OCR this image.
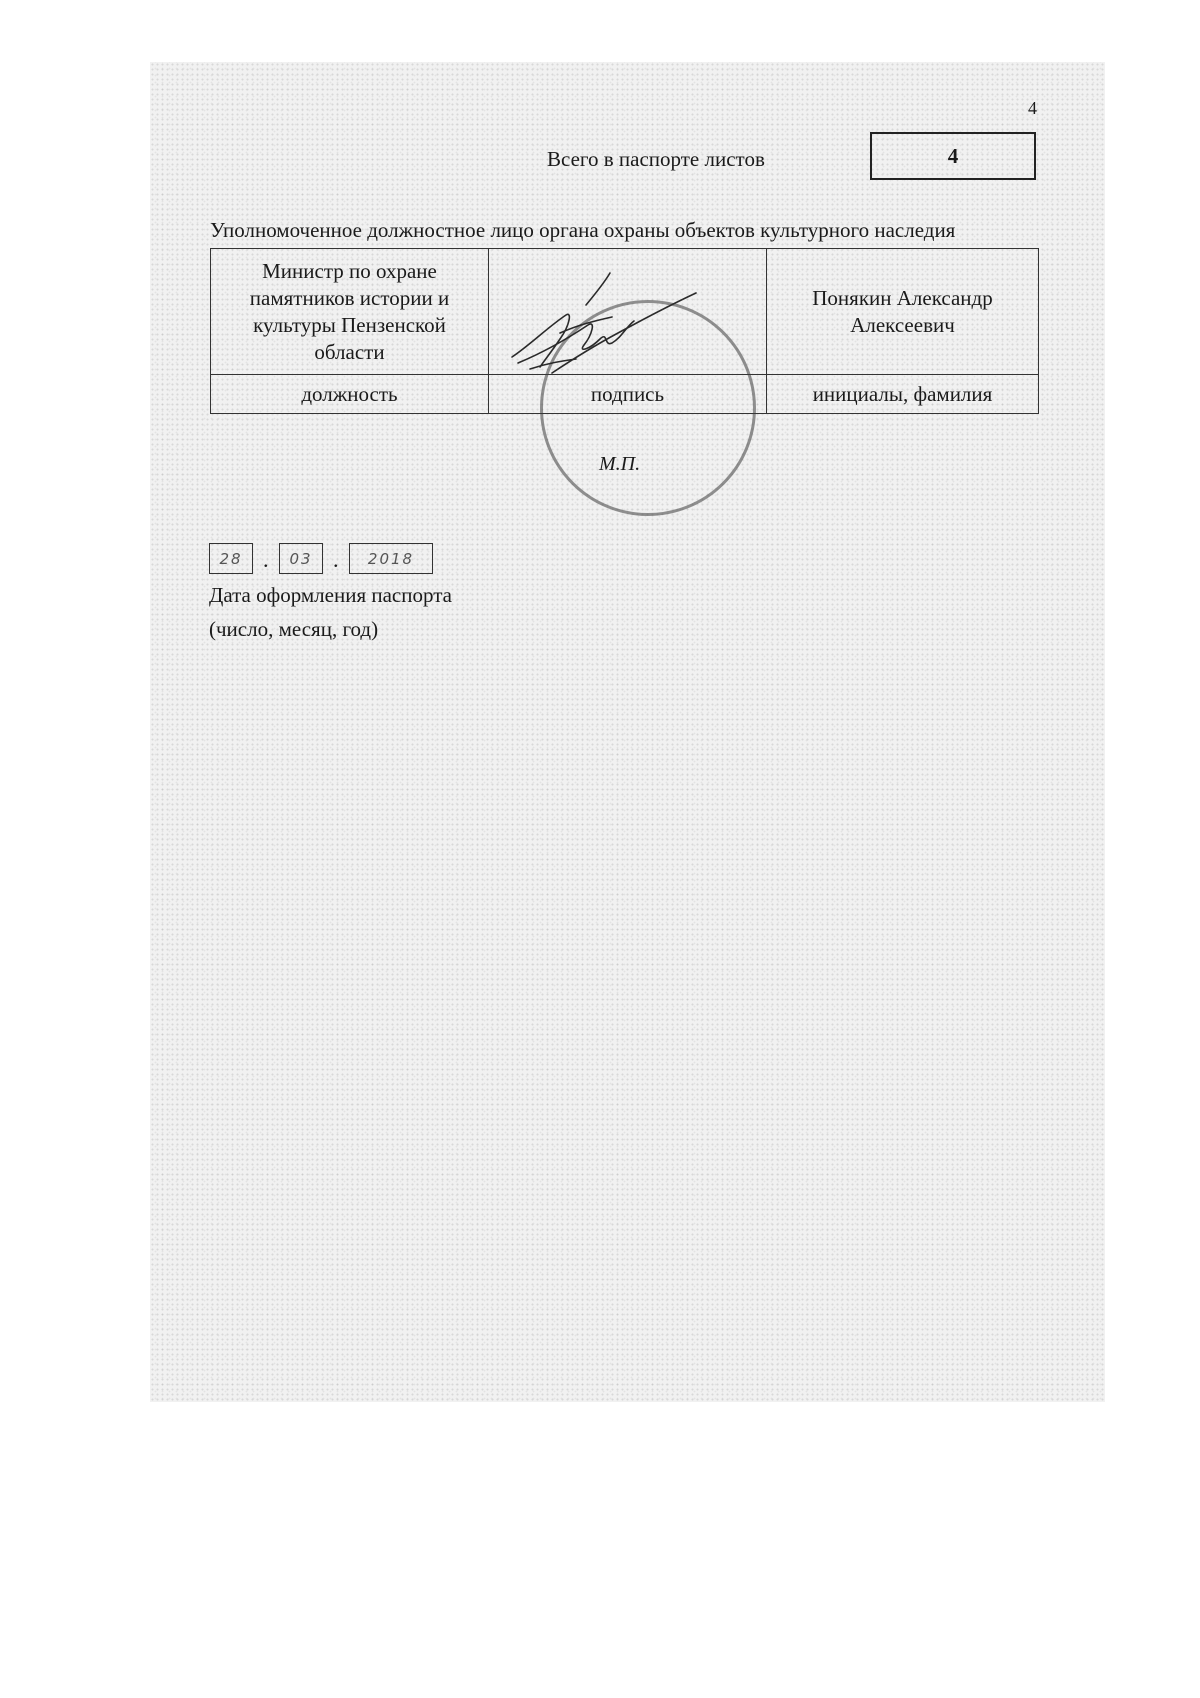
4
Всего в паспорте листов	4
Уполномоченное должностное лицо органа охраны объектов культурного наследия
Министр по охране памятников истории и культуры Пензенской области		Понякин Александр Алексеевич
должность	подпись	инициалы, фамилия
М.П.
28 .	03 .	2018
Дата оформления паспорта
(число, месяц, год)
